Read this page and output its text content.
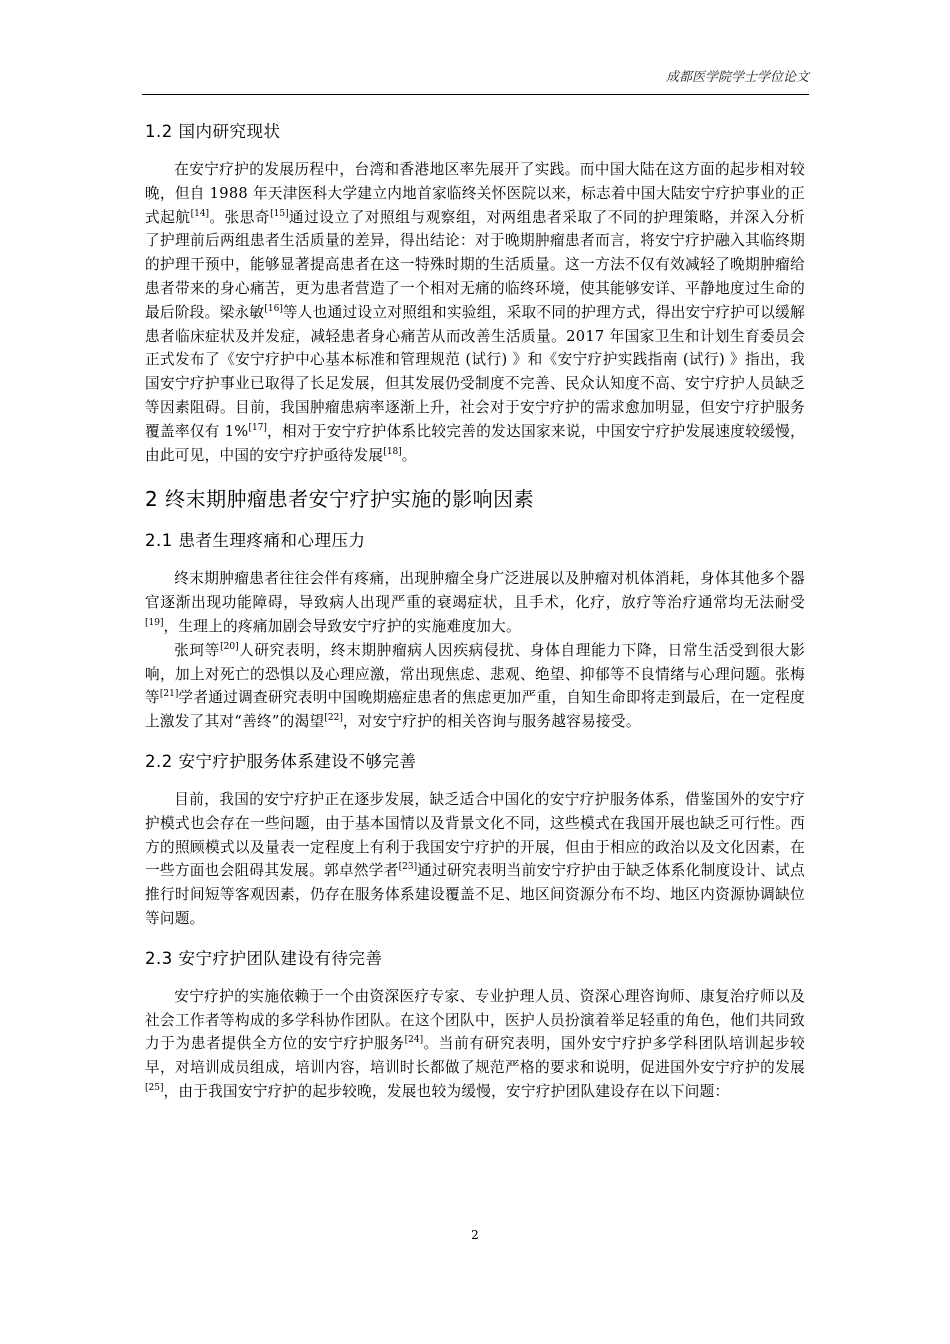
成都医学院学士学位论文
1.2 国内研究现状

在安宁疗护的发展历程中，台湾和香港地区率先展开了实践。而中国大陆在这方面的起步相对较晚，但自 1988 年天津医科大学建立内地首家临终关怀医院以来，标志着中国大陆安宁疗护事业的正式起航[14]。张思奇[15]通过设立了对照组与观察组，对两组患者采取了不同的护理策略，并深入分析了护理前后两组患者生活质量的差异，得出结论：对于晚期肿瘤患者而言，将安宁疗护融入其临终期的护理干预中，能够显著提高患者在这一特殊时期的生活质量。这一方法不仅有效减轻了晚期肿瘤给患者带来的身心痛苦，更为患者营造了一个相对无痛的临终环境，使其能够安详、平静地度过生命的最后阶段。梁永敏[16]等人也通过设立对照组和实验组，采取不同的护理方式，得出安宁疗护可以缓解患者临床症状及并发症，减轻患者身心痛苦从而改善生活质量。2017 年国家卫生和计划生育委员会正式发布了《安宁疗护中心基本标准和管理规范 (试行) 》和《安宁疗护实践指南 (试行) 》指出，我国安宁疗护事业已取得了长足发展，但其发展仍受制度不完善、民众认知度不高、安宁疗护人员缺乏等因素阻碍。目前，我国肿瘤患病率逐渐上升，社会对于安宁疗护的需求愈加明显，但安宁疗护服务覆盖率仅有 1%[17]，相对于安宁疗护体系比较完善的发达国家来说，中国安宁疗护发展速度较缓慢，由此可见，中国的安宁疗护亟待发展[18]。

2 终末期肿瘤患者安宁疗护实施的影响因素
2.1 患者生理疼痛和心理压力

终末期肿瘤患者往往会伴有疼痛，出现肿瘤全身广泛进展以及肿瘤对机体消耗，身体其他多个器官逐渐出现功能障碍，导致病人出现严重的衰竭症状，且手术，化疗，放疗等治疗通常均无法耐受[19]，生理上的疼痛加剧会导致安宁疗护的实施难度加大。

张珂等[20]人研究表明，终末期肿瘤病人因疾病侵扰、身体自理能力下降，日常生活受到很大影响，加上对死亡的恐惧以及心理应激，常出现焦虑、悲观、绝望、抑郁等不良情绪与心理问题。张梅等[21]学者通过调查研究表明中国晚期癌症患者的焦虑更加严重，自知生命即将走到最后，在一定程度上激发了其对“善终”的渴望[22]，对安宁疗护的相关咨询与服务越容易接受。

2.2 安宁疗护服务体系建设不够完善

目前，我国的安宁疗护正在逐步发展，缺乏适合中国化的安宁疗护服务体系，借鉴国外的安宁疗护模式也会存在一些问题，由于基本国情以及背景文化不同，这些模式在我国开展也缺乏可行性。西方的照顾模式以及量表一定程度上有利于我国安宁疗护的开展，但由于相应的政治以及文化因素，在一些方面也会阻碍其发展。郭卓然学者[23]通过研究表明当前安宁疗护由于缺乏体系化制度设计、试点推行时间短等客观因素，仍存在服务体系建设覆盖不足、地区间资源分布不均、地区内资源协调缺位等问题。

2.3 安宁疗护团队建设有待完善

安宁疗护的实施依赖于一个由资深医疗专家、专业护理人员、资深心理咨询师、康复治疗师以及社会工作者等构成的多学科协作团队。在这个团队中，医护人员扮演着举足轻重的角色，他们共同致力于为患者提供全方位的安宁疗护服务[24]。当前有研究表明，国外安宁疗护多学科团队培训起步较早，对培训成员组成，培训内容，培训时长都做了规范严格的要求和说明，促进国外安宁疗护的发展[25]，由于我国安宁疗护的起步较晚，发展也较为缓慢，安宁疗护团队建设存在以下问题：

2
